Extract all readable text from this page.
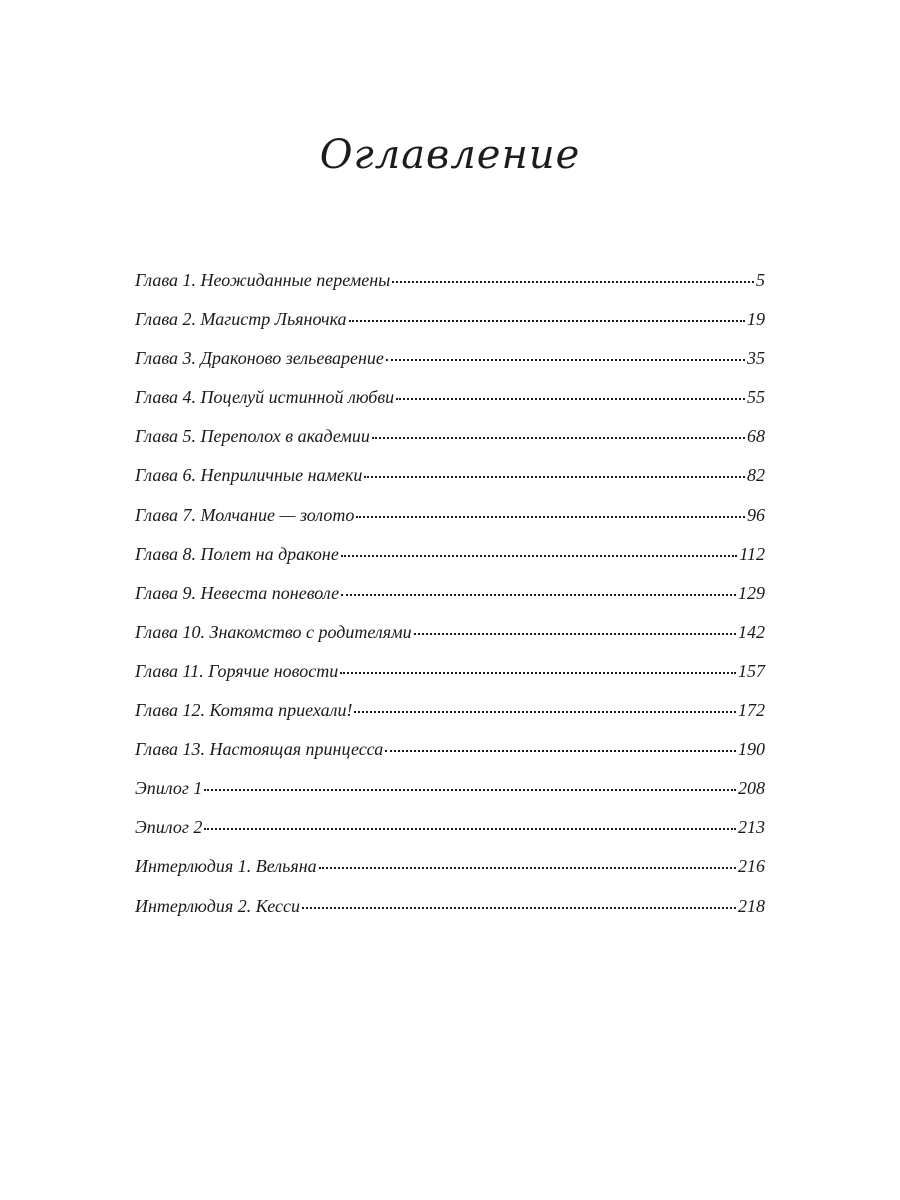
Оглавление
Глава 1. Неожиданные перемены	5
Глава 2. Магистр Льяночка	19
Глава 3. Драконово зельеварение	35
Глава 4. Поцелуй истинной любви	55
Глава 5. Переполох в академии	68
Глава 6. Неприличные намеки	82
Глава 7. Молчание — золото	96
Глава 8. Полет на драконе	112
Глава 9. Невеста поневоле	129
Глава 10. Знакомство с родителями	142
Глава 11. Горячие новости	157
Глава 12. Котята приехали!	172
Глава 13. Настоящая принцесса	190
Эпилог 1	208
Эпилог 2	213
Интерлюдия 1. Вельяна	216
Интерлюдия 2. Кесси	218
